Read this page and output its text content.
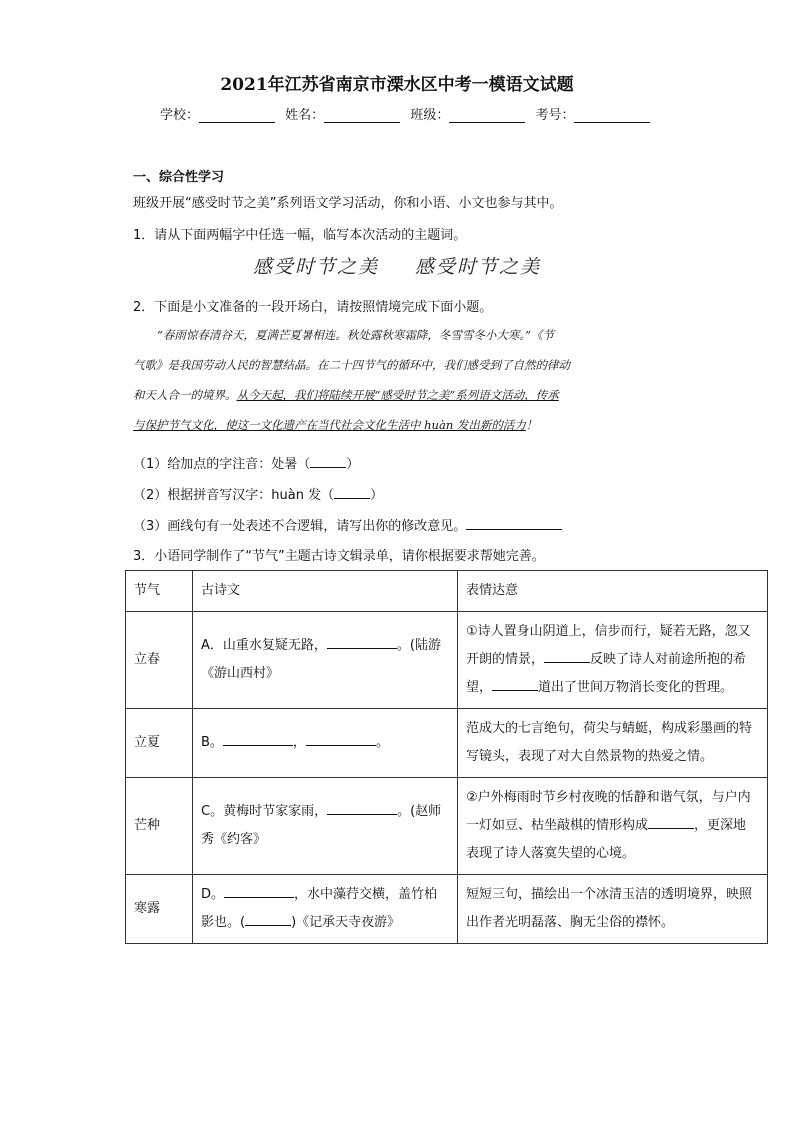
2021年江苏省南京市溧水区中考一模语文试题
学校：	姓名：	班级：	考号：
一、综合性学习
班级开展“感受时节之美”系列语文学习活动，你和小语、小文也参与其中。
1．请从下面两幅字中任选一幅，临写本次活动的主题词。
感受时节之美 感受时节之美
2．下面是小文准备的一段开场白，请按照情境完成下面小题。

“春雨惊春清谷天，夏满芒夏暑相连。秋处露秋寒霜降，冬雪雪冬小大寒。”《节

气歌》是我国劳动人民的智慧结晶。在二十四节气的循环中，我们感受到了自然的律动

和天人合一的境界。从今天起，我们将陆续开展“感受时节之美”系列语文活动，传承

与保护节气文化，使这一文化遗产在当代社会文化生活中 huàn 发出新的活力！

（1）给加点的字注音：处暑（	）
（2）根据拼音写汉字：huàn 发（	）
（3）画线句有一处表述不合逻辑，请写出你的修改意见。
3．小语同学制作了“节气”主题古诗文辑录单，请你根据要求帮她完善。
节气	古诗文	表情达意
立春	A．山重水复疑无路， 。(陆游《游山西村》	①诗人置身山阴道上，信步而行，疑若无路，忽又开朗的情景， 反映了诗人对前途所抱的希望， 道出了世间万物消长变化的哲理。
立夏	B。 ， 。	范成大的七言绝句，荷尖与蜻蜓，构成彩墨画的特写镜头，表现了对大自然景物的热爱之情。
芒种	C。黄梅时节家家雨， 。(赵师秀《约客》	②户外梅雨时节乡村夜晚的恬静和谐气氛，与户内一灯如豆、枯坐敲棋的情形构成 ，更深地表现了诗人落寞失望的心境。
寒露	D。 ，水中藻荇交横，盖竹柏影也。( )《记承天寺夜游》	短短三句，描绘出一个冰清玉洁的透明境界，映照出作者光明磊落、胸无尘俗的襟怀。
